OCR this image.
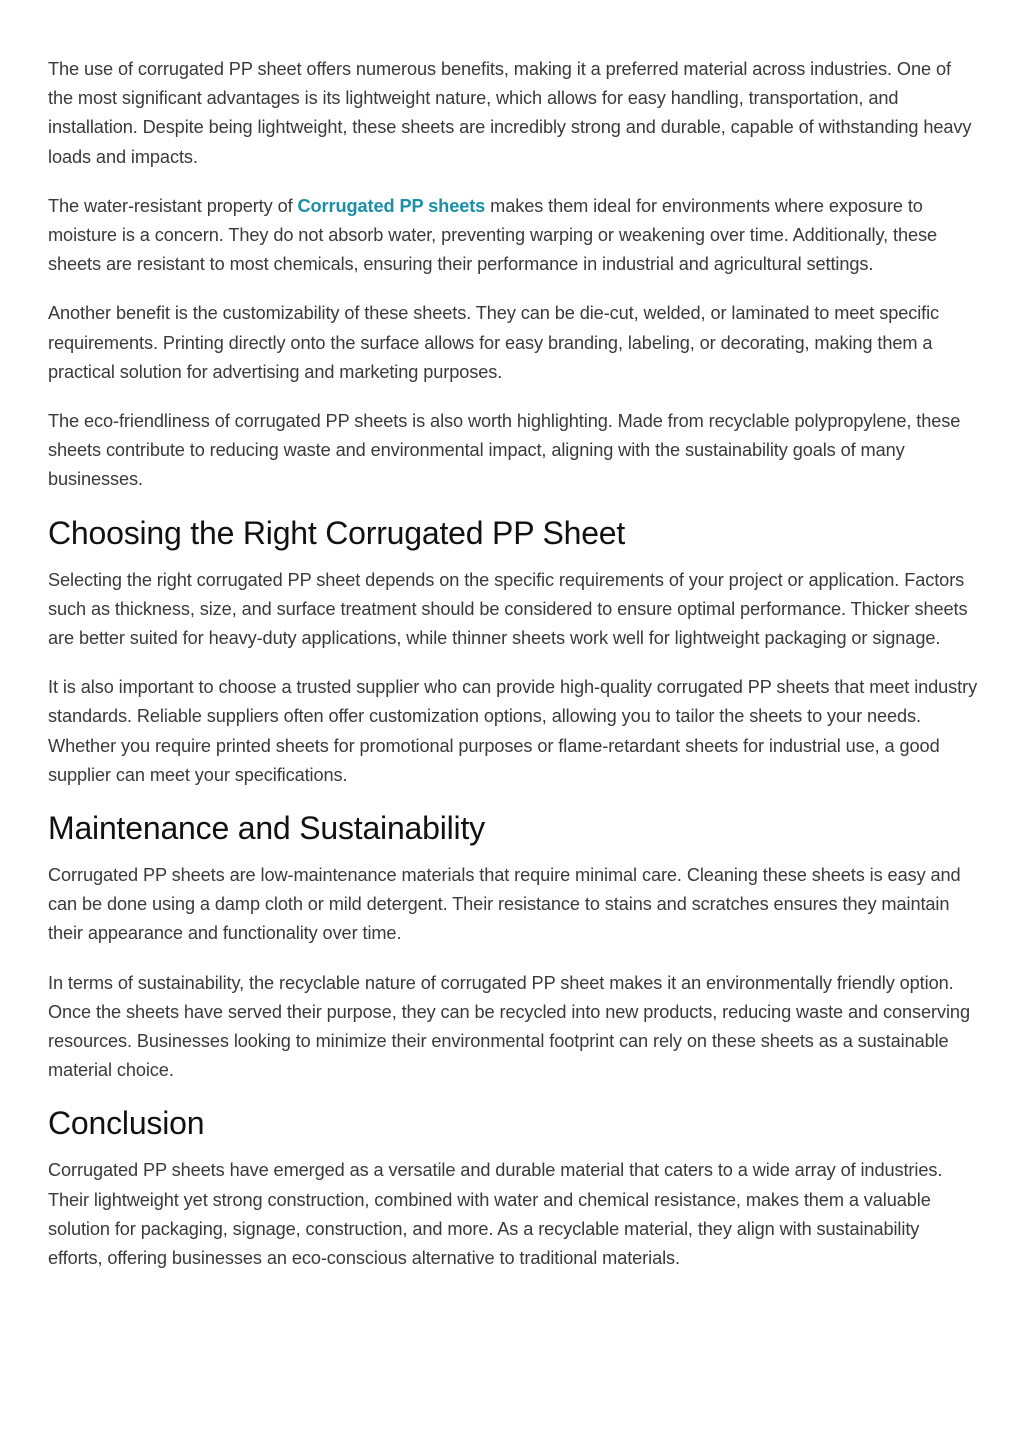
The use of corrugated PP sheet offers numerous benefits, making it a preferred material across industries. One of the most significant advantages is its lightweight nature, which allows for easy handling, transportation, and installation. Despite being lightweight, these sheets are incredibly strong and durable, capable of withstanding heavy loads and impacts.

The water-resistant property of Corrugated PP sheets makes them ideal for environments where exposure to moisture is a concern. They do not absorb water, preventing warping or weakening over time. Additionally, these sheets are resistant to most chemicals, ensuring their performance in industrial and agricultural settings.

Another benefit is the customizability of these sheets. They can be die-cut, welded, or laminated to meet specific requirements. Printing directly onto the surface allows for easy branding, labeling, or decorating, making them a practical solution for advertising and marketing purposes.

The eco-friendliness of corrugated PP sheets is also worth highlighting. Made from recyclable polypropylene, these sheets contribute to reducing waste and environmental impact, aligning with the sustainability goals of many businesses.

Choosing the Right Corrugated PP Sheet

Selecting the right corrugated PP sheet depends on the specific requirements of your project or application. Factors such as thickness, size, and surface treatment should be considered to ensure optimal performance. Thicker sheets are better suited for heavy-duty applications, while thinner sheets work well for lightweight packaging or signage.

It is also important to choose a trusted supplier who can provide high-quality corrugated PP sheets that meet industry standards. Reliable suppliers often offer customization options, allowing you to tailor the sheets to your needs. Whether you require printed sheets for promotional purposes or flame-retardant sheets for industrial use, a good supplier can meet your specifications.

Maintenance and Sustainability

Corrugated PP sheets are low-maintenance materials that require minimal care. Cleaning these sheets is easy and can be done using a damp cloth or mild detergent. Their resistance to stains and scratches ensures they maintain their appearance and functionality over time.

In terms of sustainability, the recyclable nature of corrugated PP sheet makes it an environmentally friendly option. Once the sheets have served their purpose, they can be recycled into new products, reducing waste and conserving resources. Businesses looking to minimize their environmental footprint can rely on these sheets as a sustainable material choice.

Conclusion

Corrugated PP sheets have emerged as a versatile and durable material that caters to a wide array of industries. Their lightweight yet strong construction, combined with water and chemical resistance, makes them a valuable solution for packaging, signage, construction, and more. As a recyclable material, they align with sustainability efforts, offering businesses an eco-conscious alternative to traditional materials.
